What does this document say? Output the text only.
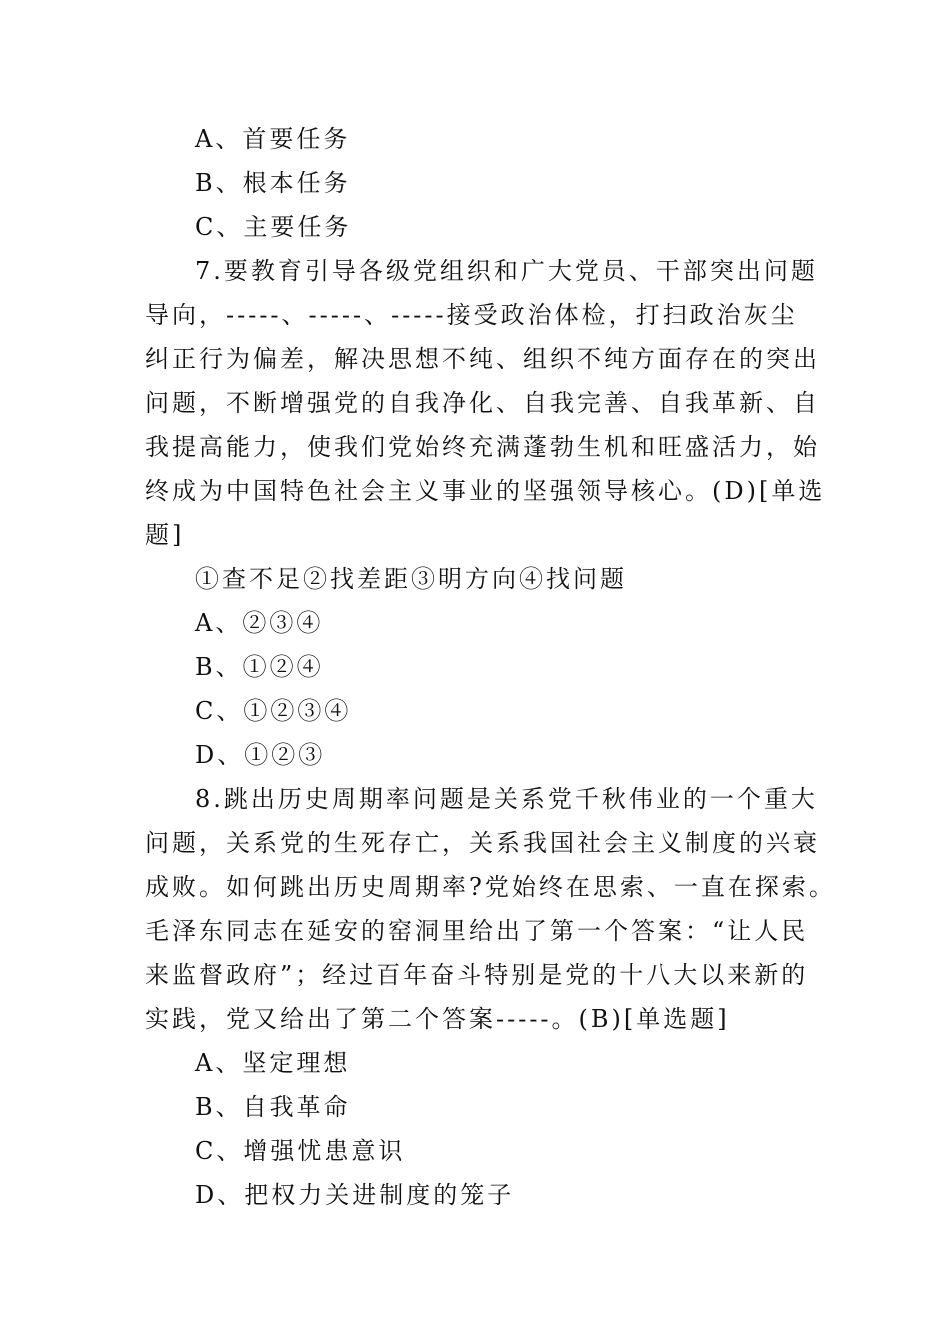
A、首要任务
B、根本任务
C、主要任务
7.要教育引导各级党组织和广大党员、干部突出问题
导向，-----、-----、-----接受政治体检，打扫政治灰尘
纠正行为偏差，解决思想不纯、组织不纯方面存在的突出
问题，不断增强党的自我净化、自我完善、自我革新、自
我提高能力，使我们党始终充满蓬勃生机和旺盛活力，始
终成为中国特色社会主义事业的坚强领导核心。(D)[单选
题]
①查不足②找差距③明方向④找问题
A、②③④
B、①②④
C、①②③④
D、①②③
8.跳出历史周期率问题是关系党千秋伟业的一个重大
问题，关系党的生死存亡，关系我国社会主义制度的兴衰
成败。如何跳出历史周期率?党始终在思索、一直在探索。
毛泽东同志在延安的窑洞里给出了第一个答案：“让人民
来监督政府”；经过百年奋斗特别是党的十八大以来新的
实践，党又给出了第二个答案-----。(B)[单选题]
A、坚定理想
B、自我革命
C、增强忧患意识
D、把权力关进制度的笼子
